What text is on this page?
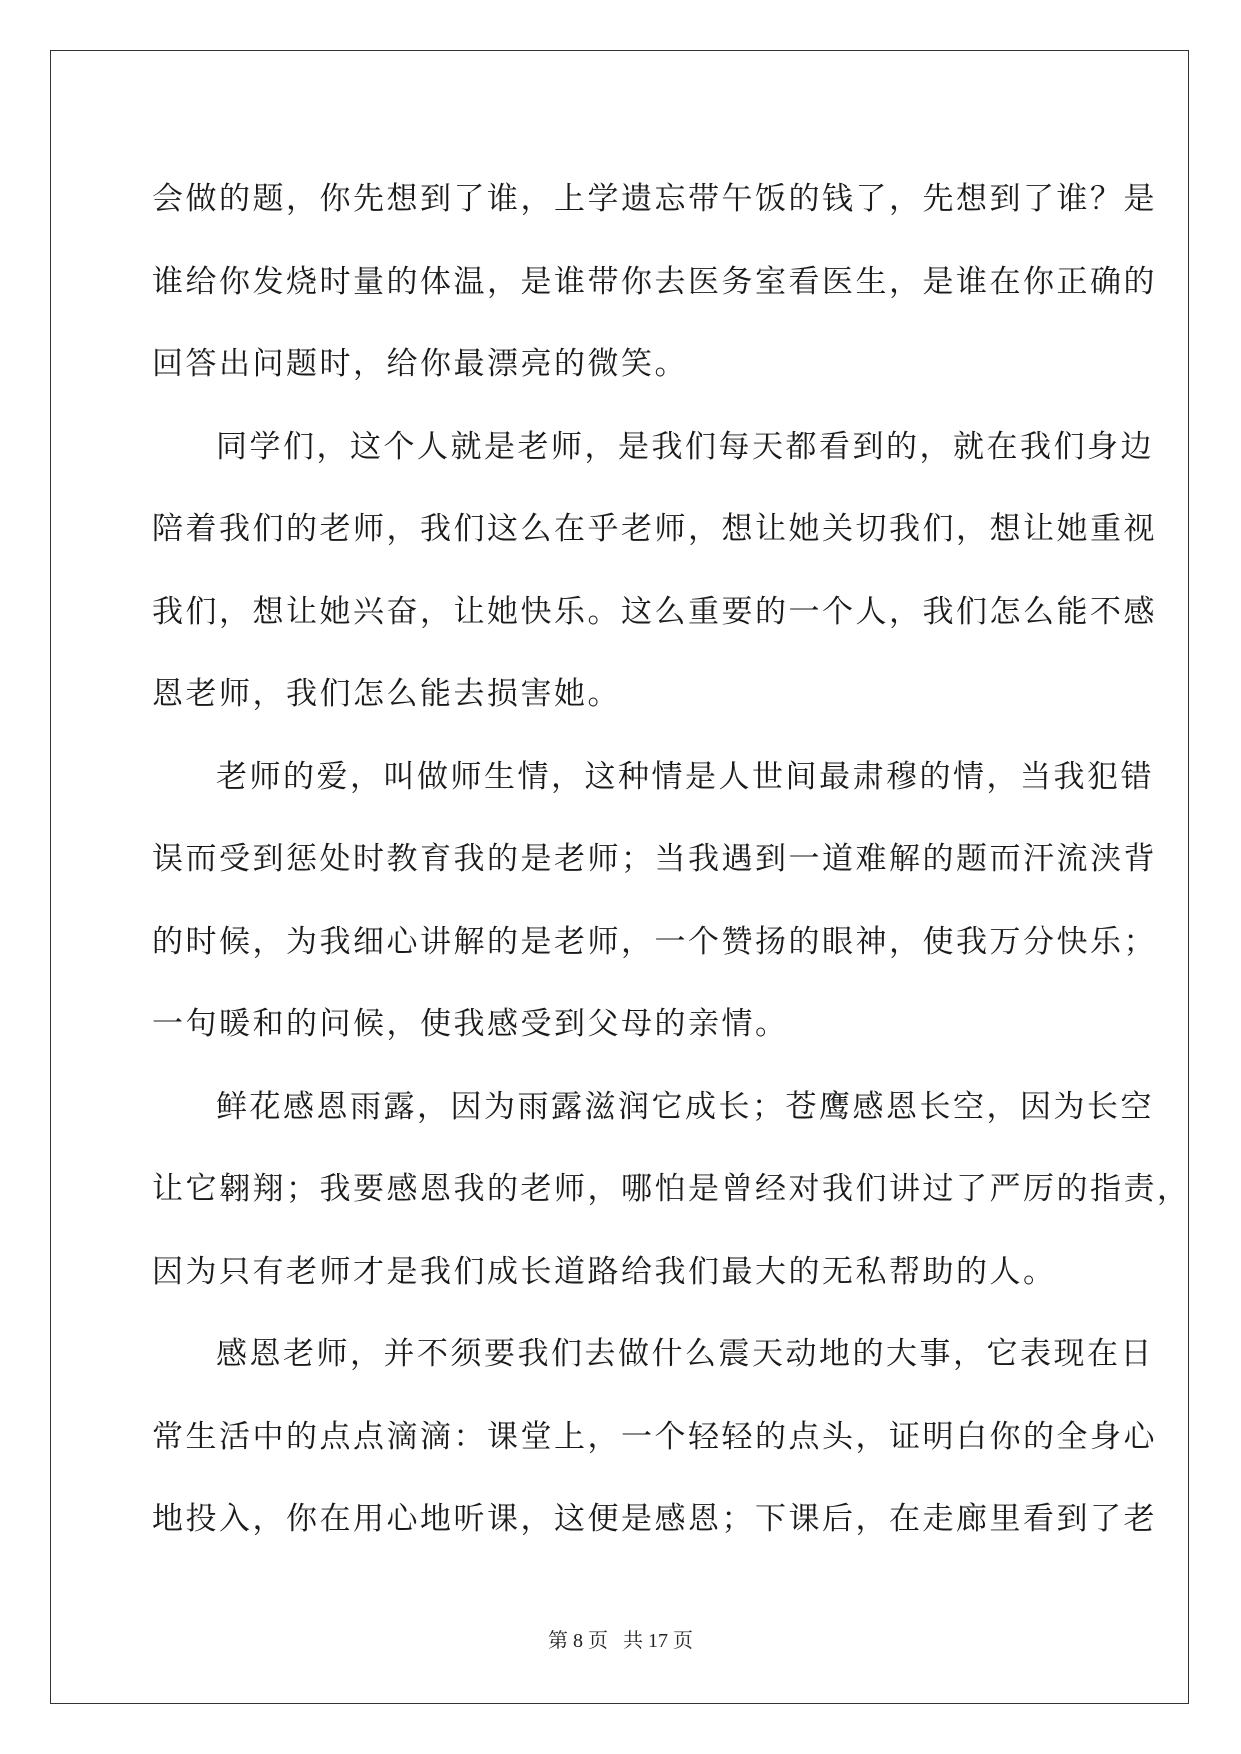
会做的题，你先想到了谁，上学遗忘带午饭的钱了，先想到了谁？是
谁给你发烧时量的体温，是谁带你去医务室看医生，是谁在你正确的
回答出问题时，给你最漂亮的微笑。
同学们，这个人就是老师，是我们每天都看到的，就在我们身边
陪着我们的老师，我们这么在乎老师，想让她关切我们，想让她重视
我们，想让她兴奋，让她快乐。这么重要的一个人，我们怎么能不感
恩老师，我们怎么能去损害她。
老师的爱，叫做师生情，这种情是人世间最肃穆的情，当我犯错
误而受到惩处时教育我的是老师；当我遇到一道难解的题而汗流浃背
的时候，为我细心讲解的是老师，一个赞扬的眼神，使我万分快乐；
一句暖和的问候，使我感受到父母的亲情。
鲜花感恩雨露，因为雨露滋润它成长；苍鹰感恩长空，因为长空
让它翱翔；我要感恩我的老师，哪怕是曾经对我们讲过了严厉的指责，
因为只有老师才是我们成长道路给我们最大的无私帮助的人。
感恩老师，并不须要我们去做什么震天动地的大事，它表现在日
常生活中的点点滴滴：课堂上，一个轻轻的点头，证明白你的全身心
地投入，你在用心地听课，这便是感恩；下课后，在走廊里看到了老
第 8 页 共 17 页
